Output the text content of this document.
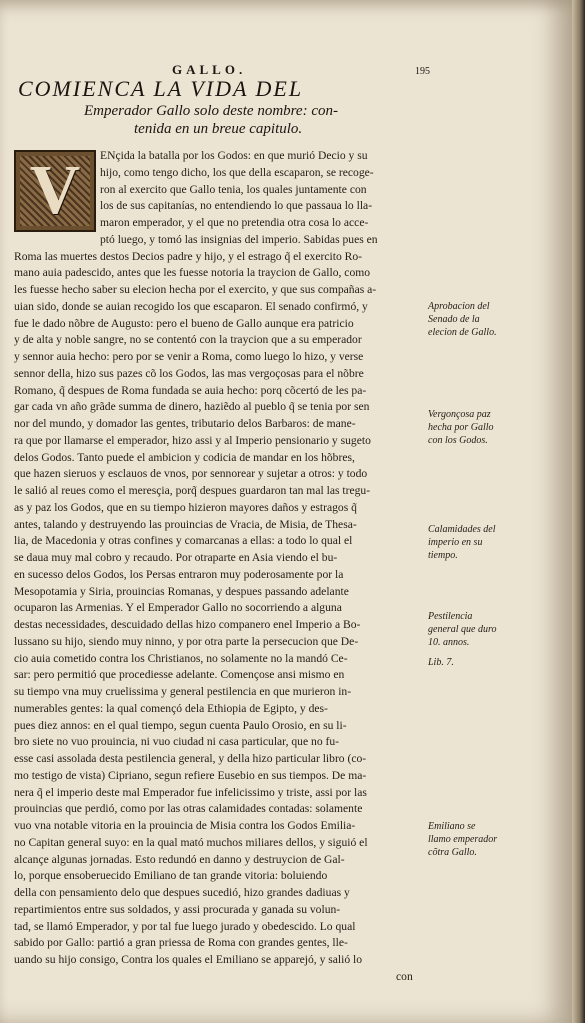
GALLO.	195
COMIENCA LA VIDA DEL
Emperador Gallo solo deste nombre: con-
tenida en un breue capitulo.
ENçida la batalla por los Godos: en que murió Decio y su
hijo, como tengo dicho, los que della escaparon, se recoge-
ron al exercito que Gallo tenia, los quales juntamente con
los de sus capitanías, no entendiendo lo que passaua lo lla-
maron emperador, y el que no pretendia otra cosa lo acce-
ptó luego, y tomó las insignias del imperio. Sabidas pues en
Roma las muertes destos Decios padre y hijo, y el estrago q̃ el exercito Ro-
mano auia padescido, antes que les fuesse notoria la traycion de Gallo, como
les fuesse hecho saber su elecion hecha por el exercito, y que sus compañas a-
uian sido, donde se auian recogido los que escaparon. El senado confirmó, y
fue le dado nõbre de Augusto: pero el bueno de Gallo aunque era patricio
y de alta y noble sangre, no se contentó con la traycion que a su emperador
y sennor auia hecho: pero por se venir a Roma, como luego lo hizo, y verse
sennor della, hizo sus pazes cõ los Godos, las mas vergoçosas para el nõbre
Romano, q̃ despues de Roma fundada se auia hecho: porq cõcertó de les pa-
gar cada vn año grãde summa de dinero, haziẽdo al pueblo q̃ se tenia por sen
nor del mundo, y domador las gentes, tributario delos Barbaros: de mane-
ra que por llamarse el emperador, hizo assi y al Imperio pensionario y sugeto
delos Godos. Tanto puede el ambicion y codicia de mandar en los hõbres,
que hazen sieruos y esclauos de vnos, por sennorear y sujetar a otros: y todo
le salió al reues como el meresçia, porq̃ despues guardaron tan mal las tregu-
as y paz los Godos, que en su tiempo hizieron mayores daños y estragos q̃
antes, talando y destruyendo las prouincias de Vracia, de Misia, de Thesa-
lia, de Macedonia y otras confines y comarcanas a ellas: a todo lo qual el
se daua muy mal cobro y recaudo. Por otraparte en Asia viendo el bu-
en sucesso delos Godos, los Persas entraron muy poderosamente por la
Mesopotamia y Siria, prouincias Romanas, y despues passando adelante
ocuparon las Armenias. Y el Emperador Gallo no socorriendo a alguna
destas necessidades, descuidado dellas hizo companero enel Imperio a Bo-
lussano su hijo, siendo muy ninno, y por otra parte la persecucion que De-
cio auia cometido contra los Christianos, no solamente no la mandó Ce-
sar: pero permitió que procediesse adelante. Començose ansi mismo en
su tiempo vna muy cruelissima y general pestilencia en que murieron in-
numerables gentes: la qual començó dela Ethiopia de Egipto, y des-
pues diez annos: en el qual tiempo, segun cuenta Paulo Orosio, en su li-
bro siete no vuo prouincia, ni vuo ciudad ni casa particular, que no fu-
esse casi assolada desta pestilencia general, y della hizo particular libro (co-
mo testigo de vista) Cipriano, segun refiere Eusebio en sus tiempos. De ma-
nera q̃ el imperio deste mal Emperador fue infelicissimo y triste, assi por las
prouincias que perdió, como por las otras calamidades contadas: solamente
vuo vna notable vitoria en la prouincia de Misia contra los Godos Emilia-
no Capitan general suyo: en la qual mató muchos miliares dellos, y siguió el
alcançe algunas jornadas. Esto redundó en danno y destruycion de Gal-
lo, porque ensoberuecido Emiliano de tan grande vitoria: boluiendo
della con pensamiento delo que despues sucedió, hizo grandes dadiuas y
repartimientos entre sus soldados, y assi procurada y ganada su volun-
tad, se llamó Emperador, y por tal fue luego jurado y obedescido. Lo qual
sabido por Gallo: partió a gran priessa de Roma con grandes gentes, lle-
uando su hijo consigo, Contra los quales el Emiliano se apparejó, y salió lo
con
V
Aprobacion del Senado de la elecion de Gallo.
Vergonçosa paz hecha por Gallo con los Godos.
Calamidades del imperio en su tiempo.
Pestilencia general que duro 10. annos.
Lib. 7.
Emiliano se llamo emperador cõtra Gallo.
